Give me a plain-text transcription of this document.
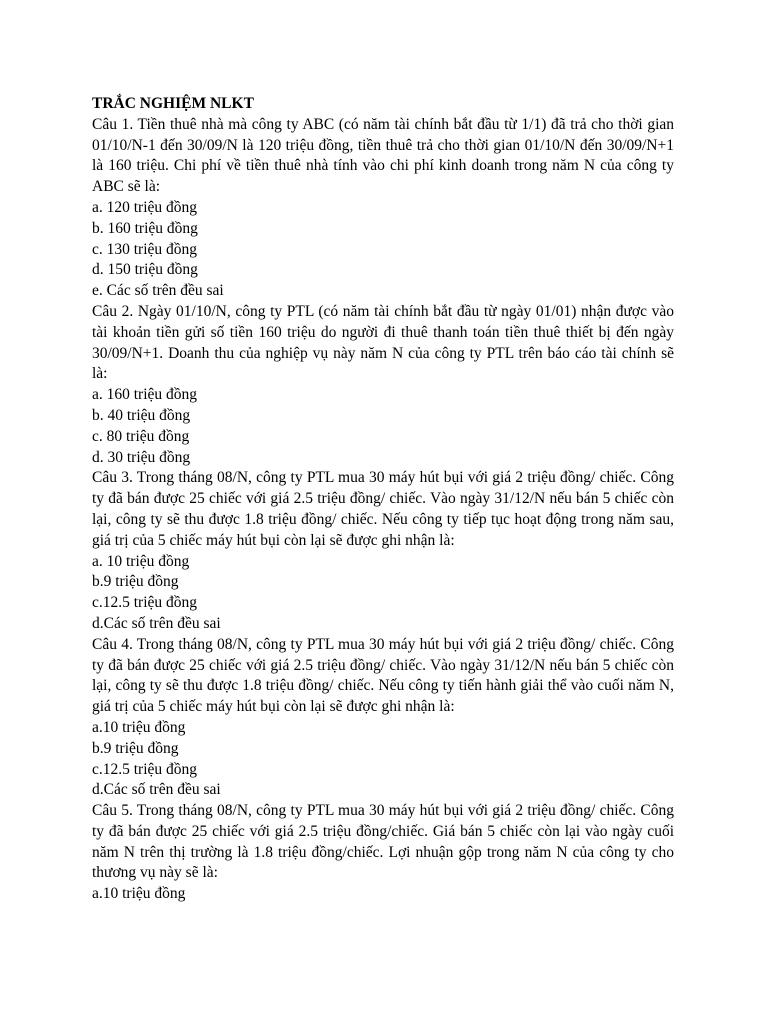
TRẮC NGHIỆM NLKT

Câu 1. Tiền thuê nhà mà công ty ABC (có năm tài chính bắt đầu từ 1/1) đã trả cho thời gian 01/10/N-1 đến 30/09/N là 120 triệu đồng, tiền thuê trả cho thời gian 01/10/N đến 30/09/N+1 là 160 triệu. Chi phí về tiền thuê nhà tính vào chi phí kinh doanh trong năm N của công ty ABC sẽ là:

a. 120 triệu đồng

b. 160 triệu đồng

c. 130 triệu đồng

d. 150 triệu đồng

e. Các số trên đều sai

Câu 2. Ngày 01/10/N, công ty PTL (có năm tài chính bắt đầu từ ngày 01/01) nhận được vào tài khoản tiền gửi số tiền 160 triệu do người đi thuê thanh toán tiền thuê thiết bị đến ngày 30/09/N+1. Doanh thu của nghiệp vụ này năm N của công ty PTL trên báo cáo tài chính sẽ là:

a. 160 triệu đồng

b. 40 triệu đồng

c. 80 triệu đồng

d. 30 triệu đồng

Câu 3. Trong tháng 08/N, công ty PTL mua 30 máy hút bụi với giá 2 triệu đồng/ chiếc. Công ty đã bán được 25 chiếc với giá 2.5 triệu đồng/ chiếc. Vào ngày 31/12/N nếu bán 5 chiếc còn lại, công ty sẽ thu được 1.8 triệu đồng/ chiếc. Nếu công ty tiếp tục hoạt động trong năm sau, giá trị của 5 chiếc máy hút bụi còn lại sẽ được ghi nhận là:

a. 10 triệu đồng

b.9 triệu đồng

c.12.5 triệu đồng

d.Các số trên đều sai

Câu 4. Trong tháng 08/N, công ty PTL mua 30 máy hút bụi với giá 2 triệu đồng/ chiếc. Công ty đã bán được 25 chiếc với giá 2.5 triệu đồng/ chiếc. Vào ngày 31/12/N nếu bán 5 chiếc còn lại, công ty sẽ thu được 1.8 triệu đồng/ chiếc. Nếu công ty tiến hành giải thể vào cuối năm N, giá trị của 5 chiếc máy hút bụi còn lại sẽ được ghi nhận là:

a.10 triệu đồng

b.9 triệu đồng

c.12.5 triệu đồng

d.Các số trên đều sai

Câu 5. Trong tháng 08/N, công ty PTL mua 30 máy hút bụi với giá 2 triệu đồng/ chiếc. Công ty đã bán được 25 chiếc với giá 2.5 triệu đồng/chiếc. Giá bán 5 chiếc còn lại vào ngày cuối năm N trên thị trường là 1.8 triệu đồng/chiếc. Lợi nhuận gộp trong năm N của công ty cho thương vụ này sẽ là:

a.10 triệu đồng
